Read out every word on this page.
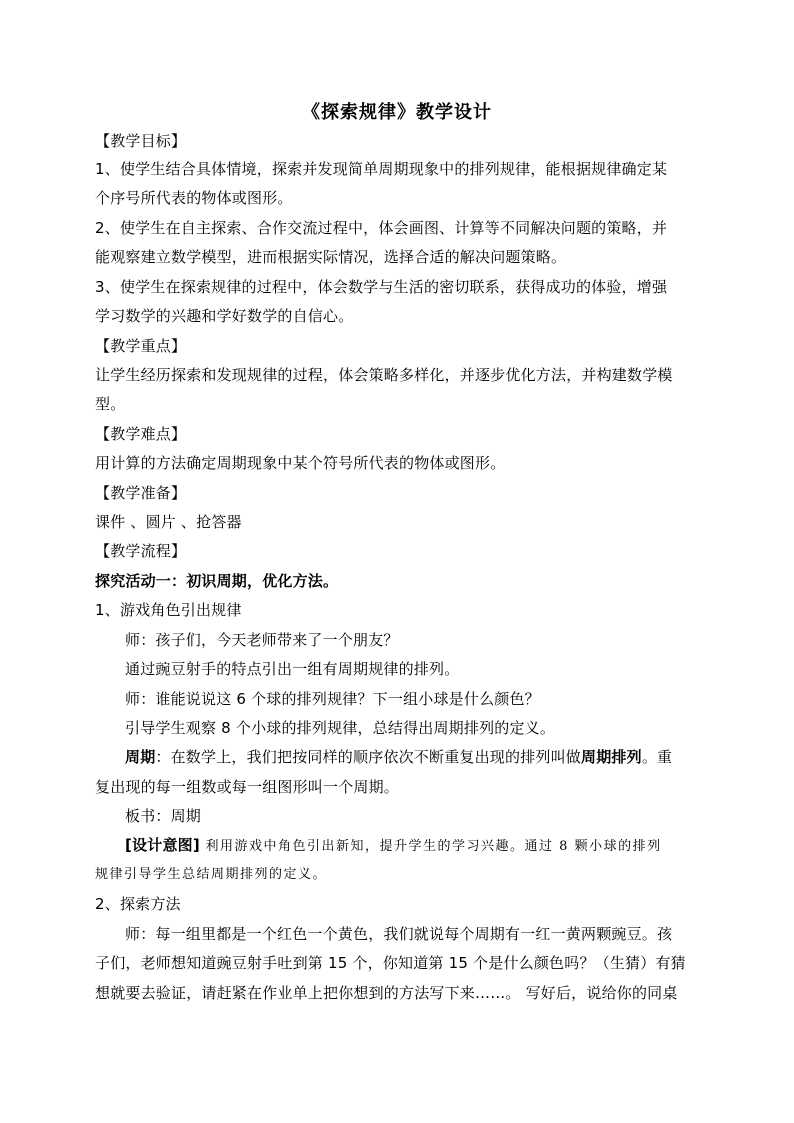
《探索规律》教学设计
【教学目标】
1、使学生结合具体情境，探索并发现简单周期现象中的排列规律，能根据规律确定某
个序号所代表的物体或图形。
2、使学生在自主探索、合作交流过程中，体会画图、计算等不同解决问题的策略，并
能观察建立数学模型，进而根据实际情况，选择合适的解决问题策略。
3、使学生在探索规律的过程中，体会数学与生活的密切联系，获得成功的体验，增强
学习数学的兴趣和学好数学的自信心。
【教学重点】
让学生经历探索和发现规律的过程，体会策略多样化，并逐步优化方法，并构建数学模
型。
【教学难点】
用计算的方法确定周期现象中某个符号所代表的物体或图形。
【教学准备】
课件 、圆片 、抢答器
【教学流程】
探究活动一：初识周期，优化方法。
1、游戏角色引出规律
师：孩子们，今天老师带来了一个朋友？
通过豌豆射手的特点引出一组有周期规律的排列。
师：谁能说说这 6 个球的排列规律？下一组小球是什么颜色？
引导学生观察 8 个小球的排列规律，总结得出周期排列的定义。
周期：在数学上，我们把按同样的顺序依次不断重复出现的排列叫做周期排列。重
复出现的每一组数或每一组图形叫一个周期。
板书：周期
[设计意图] 利用游戏中角色引出新知，提升学生的学习兴趣。通过 8 颗小球的排列
规律引导学生总结周期排列的定义。
2、探索方法
师：每一组里都是一个红色一个黄色，我们就说每个周期有一红一黄两颗豌豆。孩
子们，老师想知道豌豆射手吐到第 15 个，你知道第 15 个是什么颜色吗？（生猜）有猜
想就要去验证，请赶紧在作业单上把你想到的方法写下来……。 写好后，说给你的同桌
